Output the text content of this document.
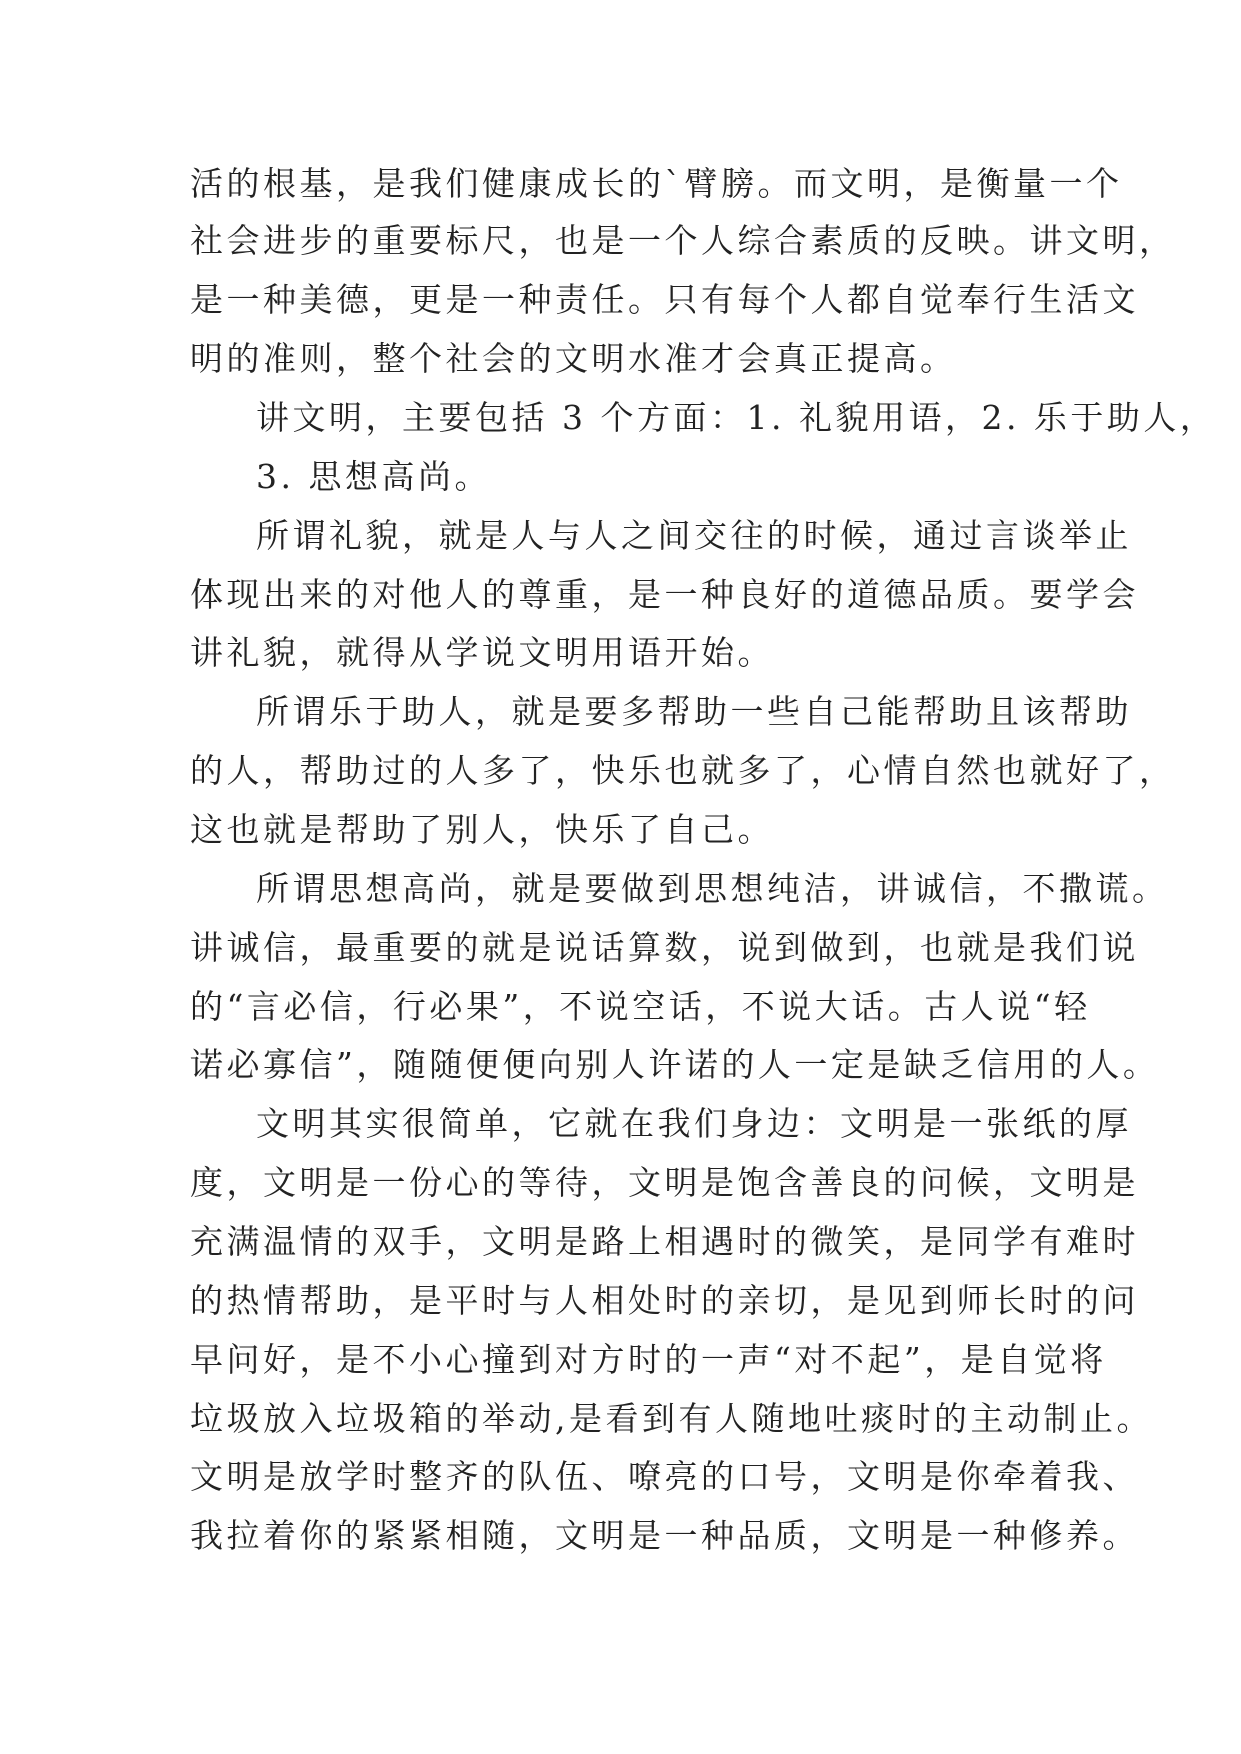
活的根基，是我们健康成长的`臂膀。而文明，是衡量一个
社会进步的重要标尺，也是一个人综合素质的反映。讲文明，
是一种美德，更是一种责任。只有每个人都自觉奉行生活文
明的准则，整个社会的文明水准才会真正提高。
讲文明，主要包括 3 个方面：1. 礼貌用语，2. 乐于助人，
3. 思想高尚。
所谓礼貌，就是人与人之间交往的时候，通过言谈举止
体现出来的对他人的尊重，是一种良好的道德品质。要学会
讲礼貌，就得从学说文明用语开始。
所谓乐于助人，就是要多帮助一些自己能帮助且该帮助
的人，帮助过的人多了，快乐也就多了，心情自然也就好了，
这也就是帮助了别人，快乐了自己。
所谓思想高尚，就是要做到思想纯洁，讲诚信，不撒谎。
讲诚信，最重要的就是说话算数，说到做到，也就是我们说
的“言必信，行必果”，不说空话，不说大话。古人说“轻
诺必寡信”，随随便便向别人许诺的人一定是缺乏信用的人。
文明其实很简单，它就在我们身边：文明是一张纸的厚
度，文明是一份心的等待，文明是饱含善良的问候，文明是
充满温情的双手，文明是路上相遇时的微笑，是同学有难时
的热情帮助，是平时与人相处时的亲切，是见到师长时的问
早问好，是不小心撞到对方时的一声“对不起”，是自觉将
垃圾放入垃圾箱的举动,是看到有人随地吐痰时的主动制止。
文明是放学时整齐的队伍、嘹亮的口号，文明是你牵着我、
我拉着你的紧紧相随，文明是一种品质，文明是一种修养。
